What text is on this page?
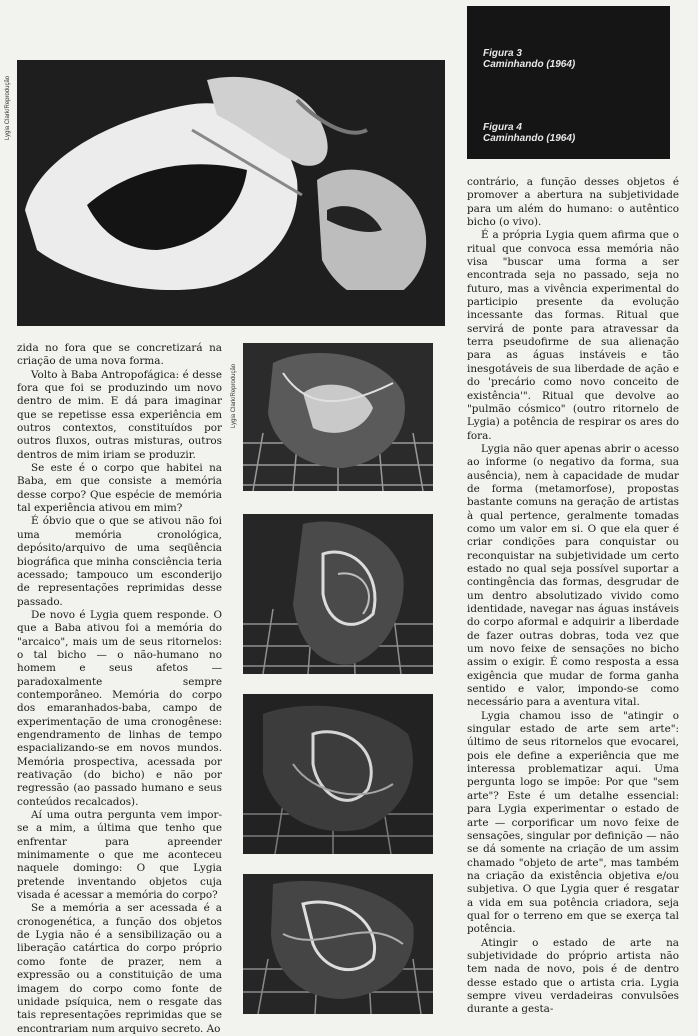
Lygia Clark/Reprodução
Figura 3
Caminhando (1964)
Figura 4
Caminhando (1964)
Lygia Clark/Reprodução

zida no fora que se concretizará na criação de uma nova forma.

Volto à Baba Antropofágica: é desse fora que foi se produzindo um novo dentro de mim. E dá para imaginar que se repetisse essa experiência em outros contextos, constituídos por outros fluxos, outras misturas, outros dentros de mim iriam se produzir.

Se este é o corpo que habitei na Baba, em que consiste a memória desse corpo? Que espécie de memória tal experiência ativou em mim?

É óbvio que o que se ativou não foi uma memória cronológica, depósito/arquivo de uma seqüência biográfica que minha consciência teria acessado; tampouco um esconderijo de representações reprimidas desse passado.

De novo é Lygia quem responde. O que a Baba ativou foi a memória do "arcaico", mais um de seus ritornelos: o tal bicho — o não-humano no homem e seus afetos — paradoxalmente sempre contemporâneo. Memória do corpo dos emaranhados-baba, campo de experimentação de uma cronogênese: engendramento de linhas de tempo espacializando-se em novos mundos. Memória prospectiva, acessada por reativação (do bicho) e não por regressão (ao passado humano e seus conteúdos recalcados).

Aí uma outra pergunta vem impor-se a mim, a última que tenho que enfrentar para apreender minimamente o que me aconteceu naquele domingo: O que Lygia pretende inventando objetos cuja visada é acessar a memória do corpo?

Se a memória a ser acessada é a cronogenética, a função dos objetos de Lygia não é a sensibilização ou a liberação catártica do corpo próprio como fonte de prazer, nem a expressão ou a constituição de uma imagem do corpo como fonte de unidade psíquica, nem o resgate das tais representações reprimidas que se encontrariam num arquivo secreto. Ao

contrário, a função desses objetos é promover a abertura na subjetividade para um além do humano: o autêntico bicho (o vivo).

É a própria Lygia quem afirma que o ritual que convoca essa memória não visa "buscar uma forma a ser encontrada seja no passado, seja no futuro, mas a vivência experimental do participio presente da evolução incessante das formas. Ritual que servirá de ponte para atravessar da terra pseudofirme de sua alienação para as águas instáveis e tão inesgotáveis de sua liberdade de ação e do 'precário como novo conceito de existência'". Ritual que devolve ao "pulmão cósmico" (outro ritornelo de Lygia) a potência de respirar os ares do fora.

Lygia não quer apenas abrir o acesso ao informe (o negativo da forma, sua ausência), nem à capacidade de mudar de forma (metamorfose), propostas bastante comuns na geração de artistas à qual pertence, geralmente tomadas como um valor em si. O que ela quer é criar condições para conquistar ou reconquistar na subjetividade um certo estado no qual seja possível suportar a contingência das formas, desgrudar de um dentro absolutizado vivido como identidade, navegar nas águas instáveis do corpo aformal e adquirir a liberdade de fazer outras dobras, toda vez que um novo feixe de sensações no bicho assim o exigir. É como resposta a essa exigência que mudar de forma ganha sentido e valor, impondo-se como necessário para a aventura vital.

Lygia chamou isso de "atingir o singular estado de arte sem arte": último de seus ritornelos que evocarei, pois ele define a experiência que me interessa problematizar aqui. Uma pergunta logo se impõe: Por que "sem arte"? Este é um detalhe essencial: para Lygia experimentar o estado de arte — corporificar um novo feixe de sensações, singular por definição — não se dá somente na criação de um assim chamado "objeto de arte", mas também na criação da existência objetiva e/ou subjetiva. O que Lygia quer é resgatar a vida em sua potência criadora, seja qual for o terreno em que se exerça tal potência.

Atingir o estado de arte na subjetividade do próprio artista não tem nada de novo, pois é de dentro desse estado que o artista cria. Lygia sempre viveu verdadeiras convulsões durante a gesta-
